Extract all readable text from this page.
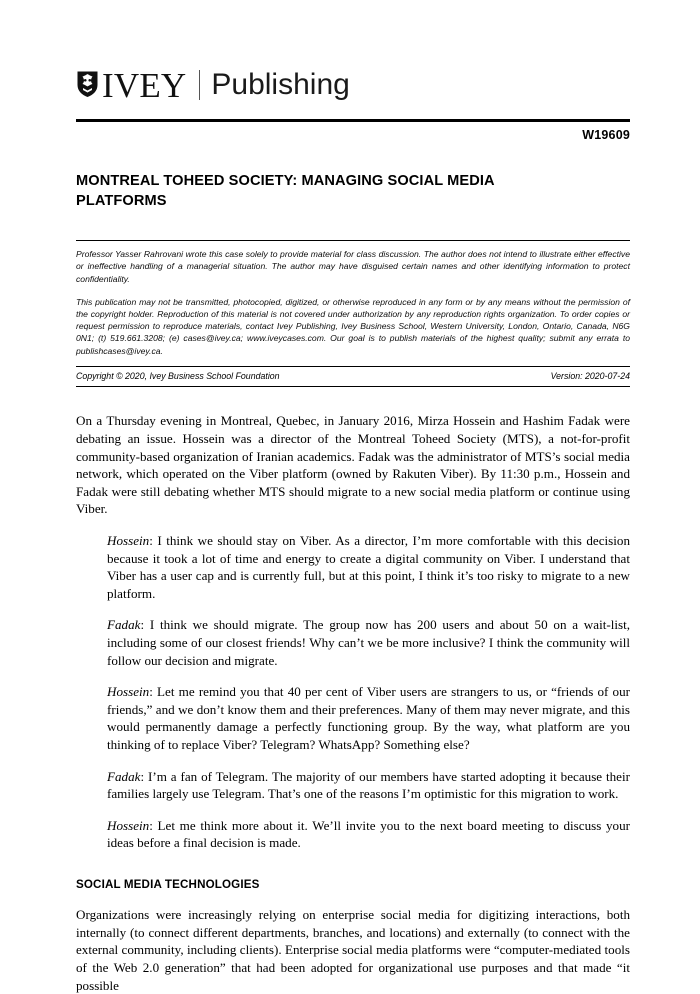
IVEY Publishing
W19609
MONTREAL TOHEED SOCIETY: MANAGING SOCIAL MEDIA PLATFORMS

Professor Yasser Rahrovani wrote this case solely to provide material for class discussion. The author does not intend to illustrate either effective or ineffective handling of a managerial situation. The author may have disguised certain names and other identifying information to protect confidentiality.

This publication may not be transmitted, photocopied, digitized, or otherwise reproduced in any form or by any means without the permission of the copyright holder. Reproduction of this material is not covered under authorization by any reproduction rights organization. To order copies or request permission to reproduce materials, contact Ivey Publishing, Ivey Business School, Western University, London, Ontario, Canada, N6G 0N1; (t) 519.661.3208; (e) cases@ivey.ca; www.iveycases.com. Our goal is to publish materials of the highest quality; submit any errata to publishcases@ivey.ca.

Copyright © 2020, Ivey Business School Foundation	Version: 2020-07-24

On a Thursday evening in Montreal, Quebec, in January 2016, Mirza Hossein and Hashim Fadak were debating an issue. Hossein was a director of the Montreal Toheed Society (MTS), a not-for-profit community-based organization of Iranian academics. Fadak was the administrator of MTS’s social media network, which operated on the Viber platform (owned by Rakuten Viber). By 11:30 p.m., Hossein and Fadak were still debating whether MTS should migrate to a new social media platform or continue using Viber.

Hossein: I think we should stay on Viber. As a director, I’m more comfortable with this decision because it took a lot of time and energy to create a digital community on Viber. I understand that Viber has a user cap and is currently full, but at this point, I think it’s too risky to migrate to a new platform.

Fadak: I think we should migrate. The group now has 200 users and about 50 on a wait-list, including some of our closest friends! Why can’t we be more inclusive? I think the community will follow our decision and migrate.

Hossein: Let me remind you that 40 per cent of Viber users are strangers to us, or “friends of our friends,” and we don’t know them and their preferences. Many of them may never migrate, and this would permanently damage a perfectly functioning group. By the way, what platform are you thinking of to replace Viber? Telegram? WhatsApp? Something else?

Fadak: I’m a fan of Telegram. The majority of our members have started adopting it because their families largely use Telegram. That’s one of the reasons I’m optimistic for this migration to work.

Hossein: Let me think more about it. We’ll invite you to the next board meeting to discuss your ideas before a final decision is made.

SOCIAL MEDIA TECHNOLOGIES

Organizations were increasingly relying on enterprise social media for digitizing interactions, both internally (to connect different departments, branches, and locations) and externally (to connect with the external community, including clients). Enterprise social media platforms were “computer-mediated tools of the Web 2.0 generation” that had been adopted for organizational use purposes and that made “it possible
